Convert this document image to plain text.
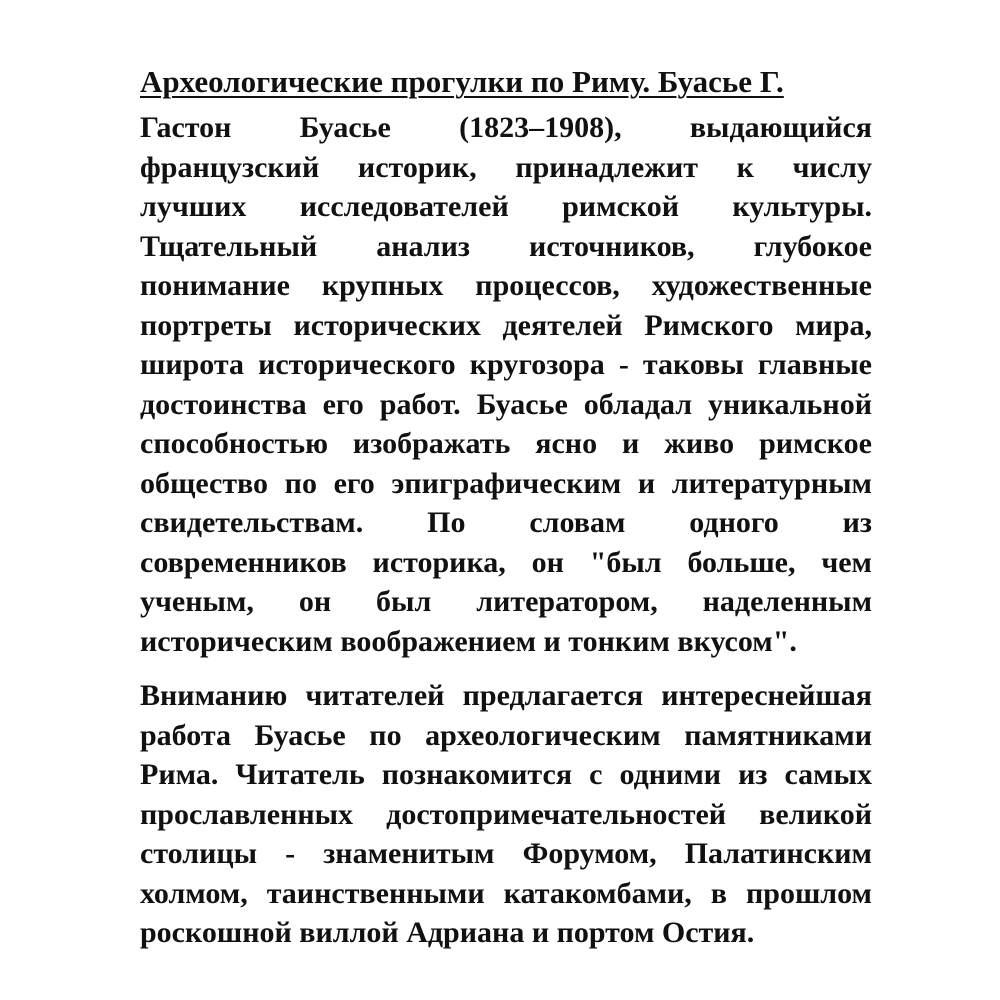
Археологические прогулки по Риму. Буасье Г.
Гастон Буасье (1823–1908), выдающийся
французский историк, принадлежит к числу
лучших исследователей римской культуры.
Тщательный анализ источников, глубокое
понимание крупных процессов, художественные
портреты исторических деятелей Римского мира,
широта исторического кругозора - таковы главные
достоинства его работ. Буасье обладал уникальной
способностью изображать ясно и живо римское
общество по его эпиграфическим и литературным
свидетельствам. По словам одного из
современников историка, он "был больше, чем
ученым, он был литератором, наделенным
историческим воображением и тонким вкусом".
Вниманию читателей предлагается интереснейшая
работа Буасье по археологическим памятниками
Рима. Читатель познакомится с одними из самых
прославленных достопримечательностей великой
столицы - знаменитым Форумом, Палатинским
холмом, таинственными катакомбами, в прошлом
роскошной виллой Адриана и портом Остия.
